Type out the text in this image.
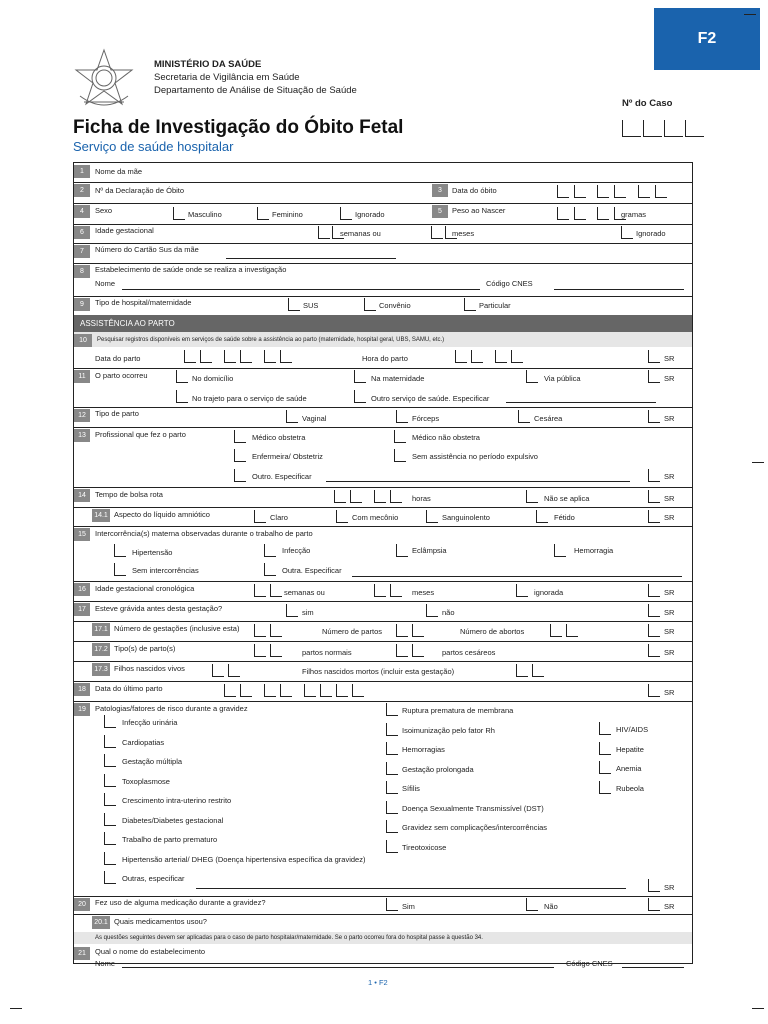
F2
MINISTÉRIO DA SAÚDE
Secretaria de Vigilância em Saúde
Departamento de Análise de Situação de Saúde
Nº do Caso
Ficha de Investigação do Óbito Fetal
Serviço de saúde hospitalar
1	Nome da mãe
2	Nº da Declaração de Óbito	3	Data do óbito
4	Sexo	Masculino	Feminino	Ignorado	5	Peso ao Nascer	gramas
6	Idade gestacional	semanas ou	meses	Ignorado
7	Número do Cartão Sus da mãe
8	Estabelecimento de saúde onde se realiza a investigação
Nome	Código CNES
9	Tipo de hospital/maternidade	SUS	Convênio	Particular
ASSISTÊNCIA AO PARTO
10	Pesquisar registros disponíveis em serviços de saúde sobre a assistência ao parto (maternidade, hospital geral, UBS, SAMU, etc.)
Data do parto	Hora do parto	SR
11	O parto ocorreu	No domicílio	Na maternidade	Via pública	SR
No trajeto para o serviço de saúde	Outro serviço de saúde. Especificar
12	Tipo de parto
Vaginal	Fórceps	Cesárea	SR
13	Profissional que fez o parto	Médico obstetra	Médico não obstetra
Enfermeira/ Obstetriz	Sem assistência no período expulsivo
Outro. Especificar	SR
14	Tempo de bolsa rota	horas	Não se aplica	SR
14.1 Aspecto do líquido amniótico	Claro	Com mecônio	Sanguinolento	Fétido	SR
15	Intercorrência(s) materna observadas durante o trabalho de parto
Hipertensão	Infecção	Eclâmpsia	Hemorragia
Sem intercorrências	Outra. Especificar
16	Idade gestacional cronológica	semanas ou	meses	ignorada	SR
17	Esteve grávida antes desta gestação?	sim	não	SR
17.1 Número de gestações (inclusive esta)	Número de partos	Número de abortos	SR
17.2 Tipo(s) de parto(s)	partos normais	partos cesáreos	SR
17.3 Filhos nascidos vivos	Filhos nascidos mortos (incluir esta gestação)
18	Data do último parto	SR
19	Patologias/fatores de risco durante a gravidez
Infecção urinária
Cardiopatias
Gestação múltipla
Toxoplasmose
Crescimento intra-uterino restrito
Diabetes/Diabetes gestacional
Trabalho de parto prematuro
Hipertensão arterial/ DHEG (Doença hipertensiva específica da gravidez)
Outras, especificar
Ruptura prematura de membrana
Isoimunização pelo fator Rh
Hemorragias
Gestação prolongada
Sífilis
Doença Sexualmente Transmissível (DST)
Gravidez sem complicações/intercorrências
Tireotoxicose
HIV/AIDS
Hepatite
Anemia
Rubeola
SR
20	Fez uso de alguma medicação durante a gravidez?	Sim	Não	SR
20.1 Quais medicamentos usou?
As questões seguintes devem ser aplicadas para o caso de parto hospitalar/maternidade. Se o parto ocorreu fora do hospital passe à questão 34.
21	Qual o nome do estabelecimento
Nome	Código CNES
1 • F2
